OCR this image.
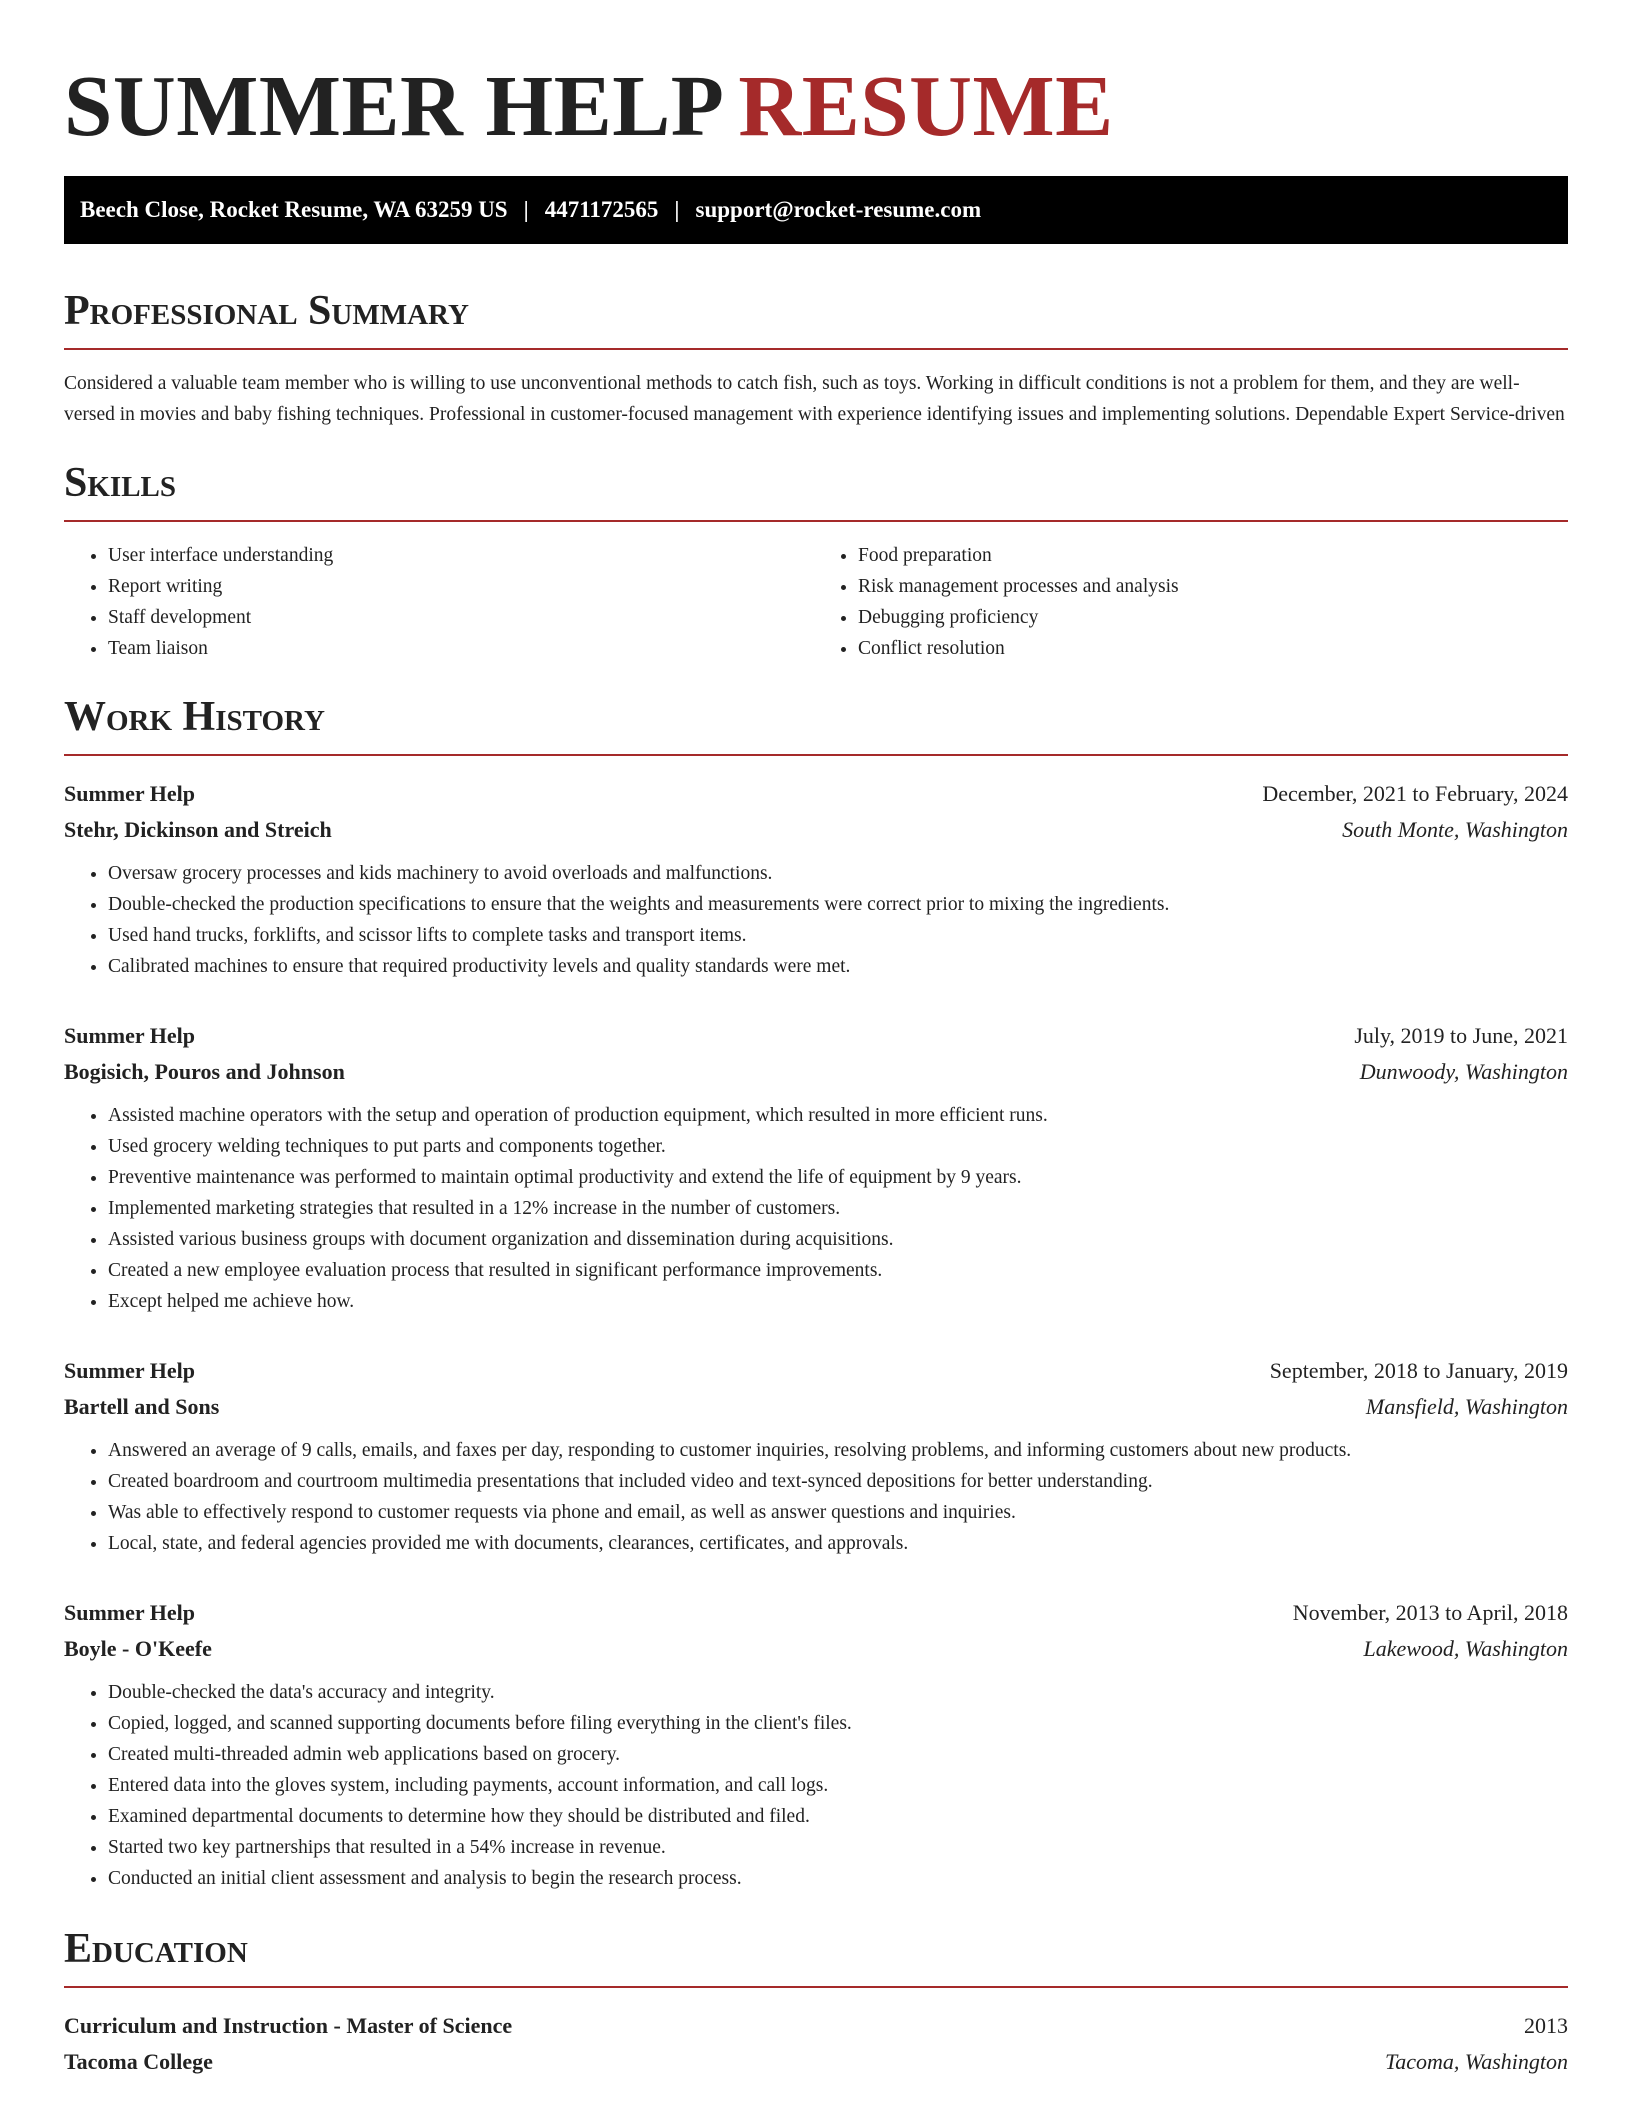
SUMMER HELP RESUME
Beech Close, Rocket Resume, WA 63259 US | 4471172565 | support@rocket-resume.com
Professional Summary

Considered a valuable team member who is willing to use unconventional methods to catch fish, such as toys. Working in difficult conditions is not a problem for them, and they are well-versed in movies and baby fishing techniques. Professional in customer-focused management with experience identifying issues and implementing solutions. Dependable Expert Service-driven

Skills
• User interface understanding
• Report writing
• Staff development
• Team liaison
• Food preparation
• Risk management processes and analysis
• Debugging proficiency
• Conflict resolution
Work History
Summer Help	December, 2021 to February, 2024
Stehr, Dickinson and Streich	South Monte, Washington
• Oversaw grocery processes and kids machinery to avoid overloads and malfunctions.
• Double-checked the production specifications to ensure that the weights and measurements were correct prior to mixing the ingredients.
• Used hand trucks, forklifts, and scissor lifts to complete tasks and transport items.
• Calibrated machines to ensure that required productivity levels and quality standards were met.
Summer Help	July, 2019 to June, 2021
Bogisich, Pouros and Johnson	Dunwoody, Washington
• Assisted machine operators with the setup and operation of production equipment, which resulted in more efficient runs.
• Used grocery welding techniques to put parts and components together.
• Preventive maintenance was performed to maintain optimal productivity and extend the life of equipment by 9 years.
• Implemented marketing strategies that resulted in a 12% increase in the number of customers.
• Assisted various business groups with document organization and dissemination during acquisitions.
• Created a new employee evaluation process that resulted in significant performance improvements.
• Except helped me achieve how.
Summer Help	September, 2018 to January, 2019
Bartell and Sons	Mansfield, Washington
• Answered an average of 9 calls, emails, and faxes per day, responding to customer inquiries, resolving problems, and informing customers about new products.
• Created boardroom and courtroom multimedia presentations that included video and text-synced depositions for better understanding.
• Was able to effectively respond to customer requests via phone and email, as well as answer questions and inquiries.
• Local, state, and federal agencies provided me with documents, clearances, certificates, and approvals.
Summer Help	November, 2013 to April, 2018
Boyle - O'Keefe	Lakewood, Washington
• Double-checked the data's accuracy and integrity.
• Copied, logged, and scanned supporting documents before filing everything in the client's files.
• Created multi-threaded admin web applications based on grocery.
• Entered data into the gloves system, including payments, account information, and call logs.
• Examined departmental documents to determine how they should be distributed and filed.
• Started two key partnerships that resulted in a 54% increase in revenue.
• Conducted an initial client assessment and analysis to begin the research process.
Education
Curriculum and Instruction - Master of Science	2013
Tacoma College	Tacoma, Washington
